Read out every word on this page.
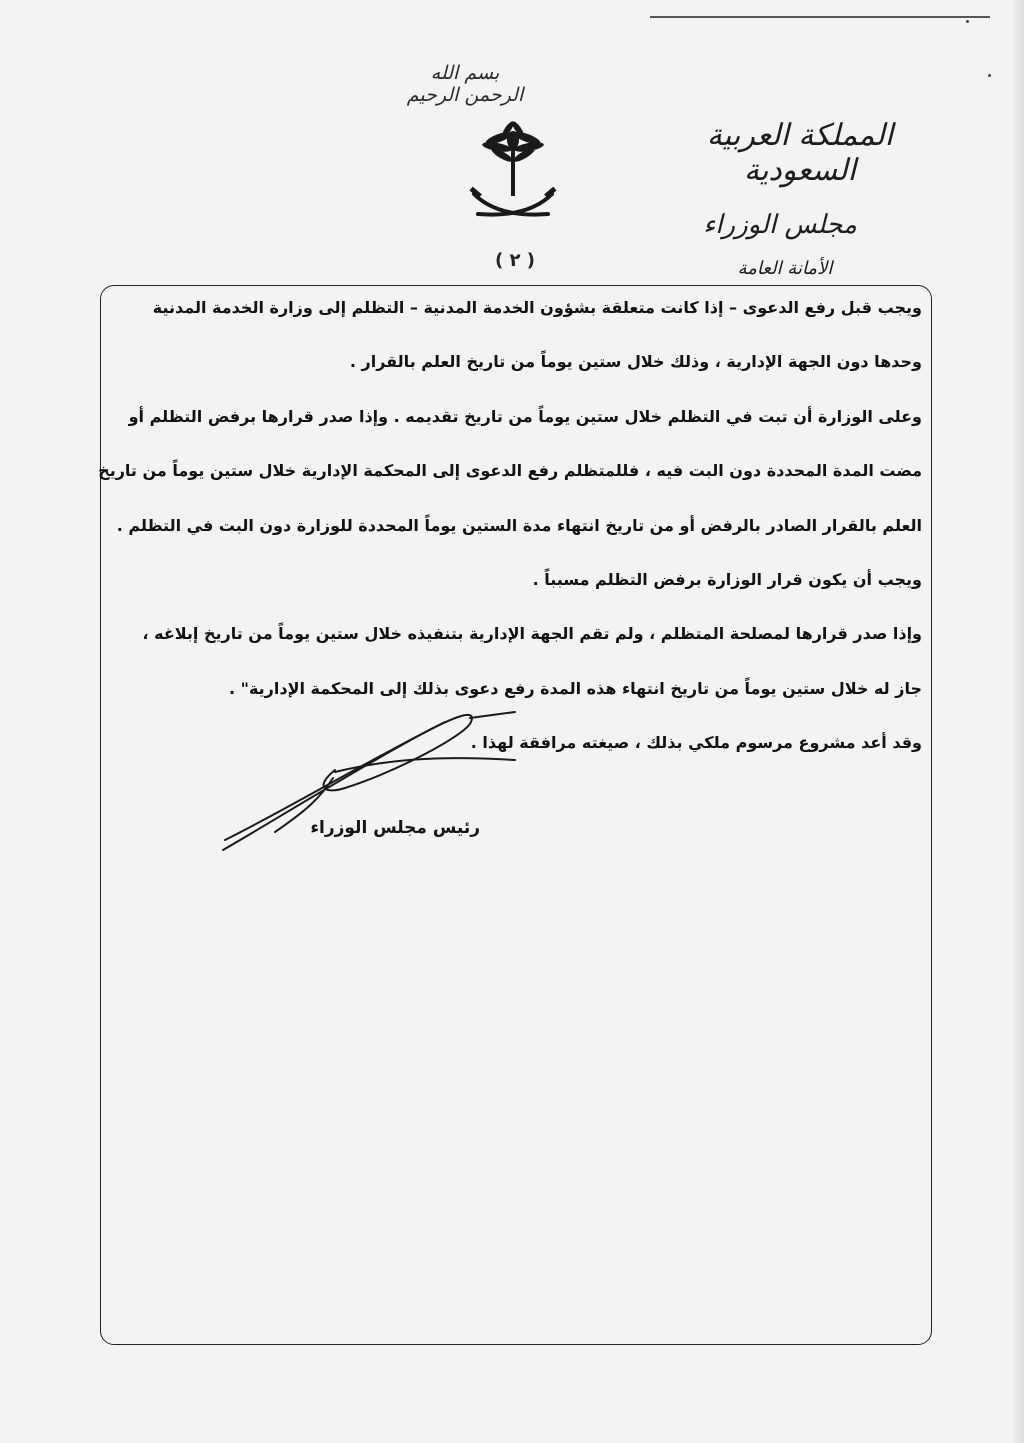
بسم الله الرحمن الرحيم
( ٢ )
المملكة العربية السعودية
مجلس الوزراء
الأمانة العامة
ويجب قبل رفع الدعوى – إذا كانت متعلقة بشؤون الخدمة المدنية – التظلم إلى وزارة الخدمة المدنية
وحدها دون الجهة الإدارية ، وذلك خلال ستين يوماً من تاريخ العلم بالقرار .
وعلى الوزارة أن تبت في التظلم خلال ستين يوماً من تاريخ تقديمه . وإذا صدر قرارها برفض التظلم أو
مضت المدة المحددة دون البت فيه ، فللمتظلم رفع الدعوى إلى المحكمة الإدارية خلال ستين يوماً من تاريخ
العلم بالقرار الصادر بالرفض أو من تاريخ انتهاء مدة الستين يوماً المحددة للوزارة دون البت في التظلم .
ويجب أن يكون قرار الوزارة برفض التظلم مسبباً .
وإذا صدر قرارها لمصلحة المتظلم ، ولم تقم الجهة الإدارية بتنفيذه خلال ستين يوماً من تاريخ إبلاغه ،
جاز له خلال ستين يوماً من تاريخ انتهاء هذه المدة رفع دعوى بذلك إلى المحكمة الإدارية" .
وقد أعد مشروع مرسوم ملكي بذلك ، صيغته مرافقة لهذا .
رئيس مجلس الوزراء
